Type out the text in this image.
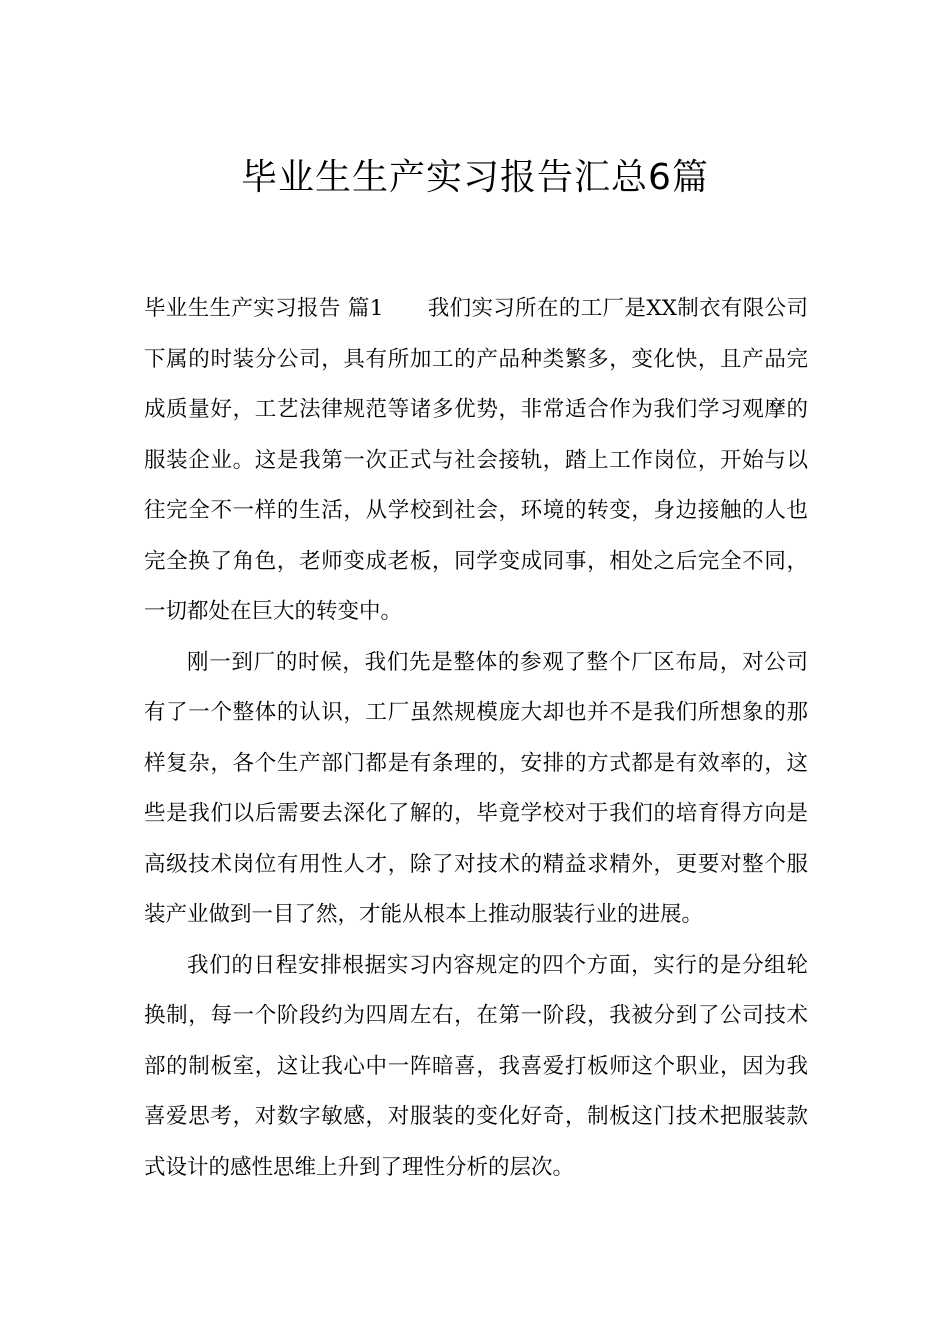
毕业生生产实习报告汇总6篇

毕业生生产实习报告 篇1 我们实习所在的工厂是XX制衣有限公司下属的时装分公司，具有所加工的产品种类繁多，变化快，且产品完成质量好，工艺法律规范等诸多优势，非常适合作为我们学习观摩的服装企业。这是我第一次正式与社会接轨，踏上工作岗位，开始与以往完全不一样的生活，从学校到社会，环境的转变，身边接触的人也完全换了角色，老师变成老板，同学变成同事，相处之后完全不同，一切都处在巨大的转变中。

刚一到厂的时候，我们先是整体的参观了整个厂区布局，对公司有了一个整体的认识，工厂虽然规模庞大却也并不是我们所想象的那样复杂，各个生产部门都是有条理的，安排的方式都是有效率的，这些是我们以后需要去深化了解的，毕竟学校对于我们的培育得方向是高级技术岗位有用性人才，除了对技术的精益求精外，更要对整个服装产业做到一目了然，才能从根本上推动服装行业的进展。

我们的日程安排根据实习内容规定的四个方面，实行的是分组轮换制，每一个阶段约为四周左右，在第一阶段，我被分到了公司技术部的制板室，这让我心中一阵暗喜，我喜爱打板师这个职业，因为我喜爱思考，对数字敏感，对服装的变化好奇，制板这门技术把服装款式设计的感性思维上升到了理性分析的层次。
